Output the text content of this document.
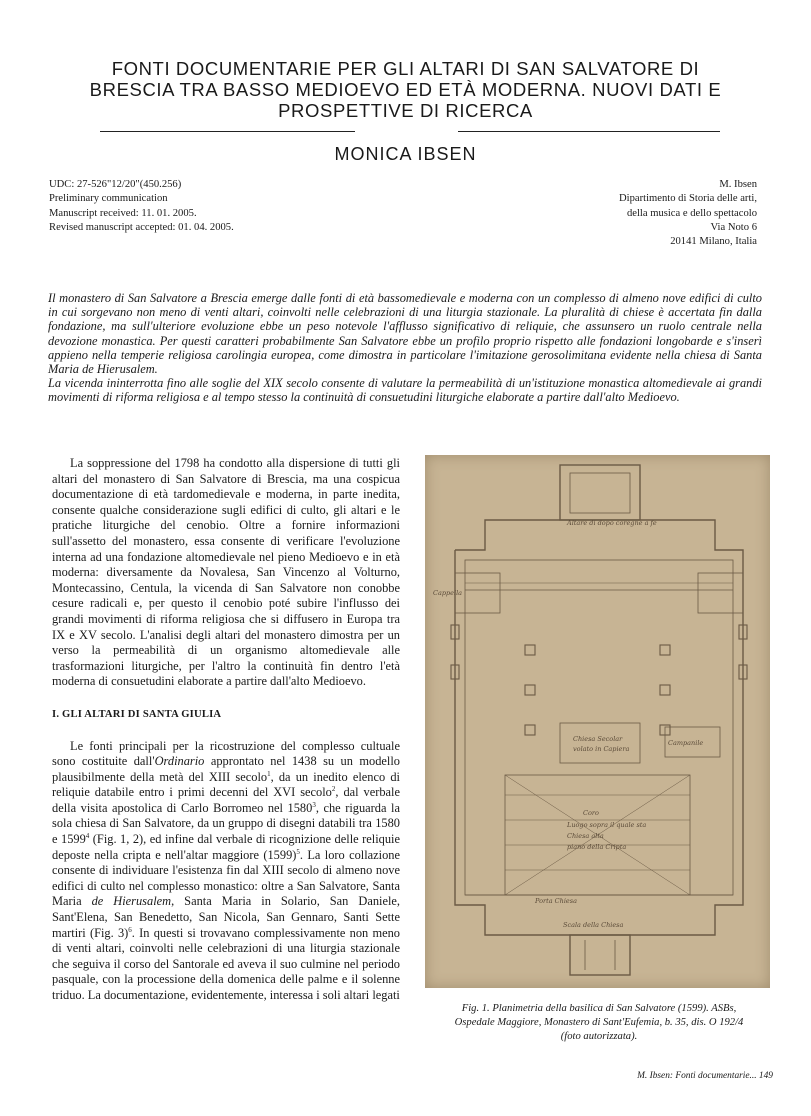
FONTI DOCUMENTARIE PER GLI ALTARI DI SAN SALVATORE DI
BRESCIA TRA BASSO MEDIOEVO ED ETÀ MODERNA. NUOVI DATI E
PROSPETTIVE DI RICERCA
MONICA IBSEN
UDC: 27-526"12/20"(450.256)
Preliminary communication
Manuscript received: 11. 01. 2005.
Revised manuscript accepted: 01. 04. 2005.
M. Ibsen
Dipartimento di Storia delle arti,
della musica e dello spettacolo
Via Noto 6
20141 Milano, Italia

Il monastero di San Salvatore a Brescia emerge dalle fonti di età bassomedievale e moderna con un complesso di almeno nove edifici di culto in cui sorgevano non meno di venti altari, coinvolti nelle celebrazioni di una liturgia stazionale. La pluralità di chiese è accertata fin dalla fondazione, ma sull'ulteriore evoluzione ebbe un peso notevole l'afflusso significativo di reliquie, che assunsero un ruolo centrale nella devozione monastica. Per questi caratteri probabilmente San Salvatore ebbe un profilo proprio rispetto alle fondazioni longobarde e s'inserì appieno nella temperie religiosa carolingia europea, come dimostra in particolare l'imitazione gerosolimitana evidente nella chiesa di Santa Maria de Hierusalem.

La vicenda ininterrotta fino alle soglie del XIX secolo consente di valutare la permeabilità di un'istituzione monastica altomedievale ai grandi movimenti di riforma religiosa e al tempo stesso la continuità di consuetudini liturgiche elaborate a partire dall'alto Medioevo.

La soppressione del 1798 ha condotto alla dispersione di tutti gli altari del monastero di San Salvatore di Brescia, ma una cospicua documentazione di età tardomedievale e moderna, in parte inedita, consente qualche considerazione sugli edifici di culto, gli altari e le pratiche liturgiche del cenobio. Oltre a fornire informazioni sull'assetto del monastero, essa consente di verificare l'evoluzione interna ad una fondazione altomedievale nel pieno Medioevo e in età moderna: diversamente da Novalesa, San Vincenzo al Volturno, Montecassino, Centula, la vicenda di San Salvatore non conobbe cesure radicali e, per questo il cenobio poté subire l'influsso dei grandi movimenti di riforma religiosa che si diffusero in Europa tra IX e XV secolo. L'analisi degli altari del monastero dimostra per un verso la permeabilità di un organismo altomedievale alle trasformazioni liturgiche, per l'altro la continuità fin dentro l'età moderna di consuetudini elaborate a partire dall'alto Medioevo.

I. GLI ALTARI DI SANTA GIULIA

Le fonti principali per la ricostruzione del complesso cultuale sono costituite dall'Ordinario approntato nel 1438 su un modello plausibilmente della metà del XIII secolo$^1$, da un inedito elenco di reliquie databile entro i primi decenni del XVI secolo$^2$, dal verbale della visita apostolica di Carlo Borromeo nel 1580$^3$, che riguarda la sola chiesa di San Salvatore, da un gruppo di disegni databili tra 1580 e 1599$^4$ (Fig. 1, 2), ed infine dal verbale di ricognizione delle reliquie deposte nella cripta e nell'altar maggiore (1599)$^5$. La loro collazione consente di individuare l'esistenza fin dal XIII secolo di almeno nove edifici di culto nel complesso monastico: oltre a San Salvatore, Santa Maria de Hierusalem, Santa Maria in Solario, San Daniele, Sant'Elena, San Benedetto, San Nicola, San Gennaro, Santi Sette martiri (Fig. 3)$^6$. In questi si trovavano complessivamente non meno di venti altari, coinvolti nelle celebrazioni di una liturgia stazionale che seguiva il corso del Santorale ed aveva il suo culmine nel periodo pasquale, con la processione della domenica delle palme e il solenne triduo. La documentazione, evidentemente, interessa i soli altari legati

Altare di dopo coregne a fe
Cappella
Chiesa Secolar
volato in Capiera
Campanile
Coro
Luogo sopra il quale sta
Chiesa alta
piano della Cripta
Scala della Chiesa
Porta Chiesa
Fig. 1. Planimetria della basilica di San Salvatore (1599). ASBs,
Ospedale Maggiore, Monastero di Sant'Eufemia, b. 35, dis. O 192/4
(foto autorizzata).
M. Ibsen: Fonti documentarie... 149
